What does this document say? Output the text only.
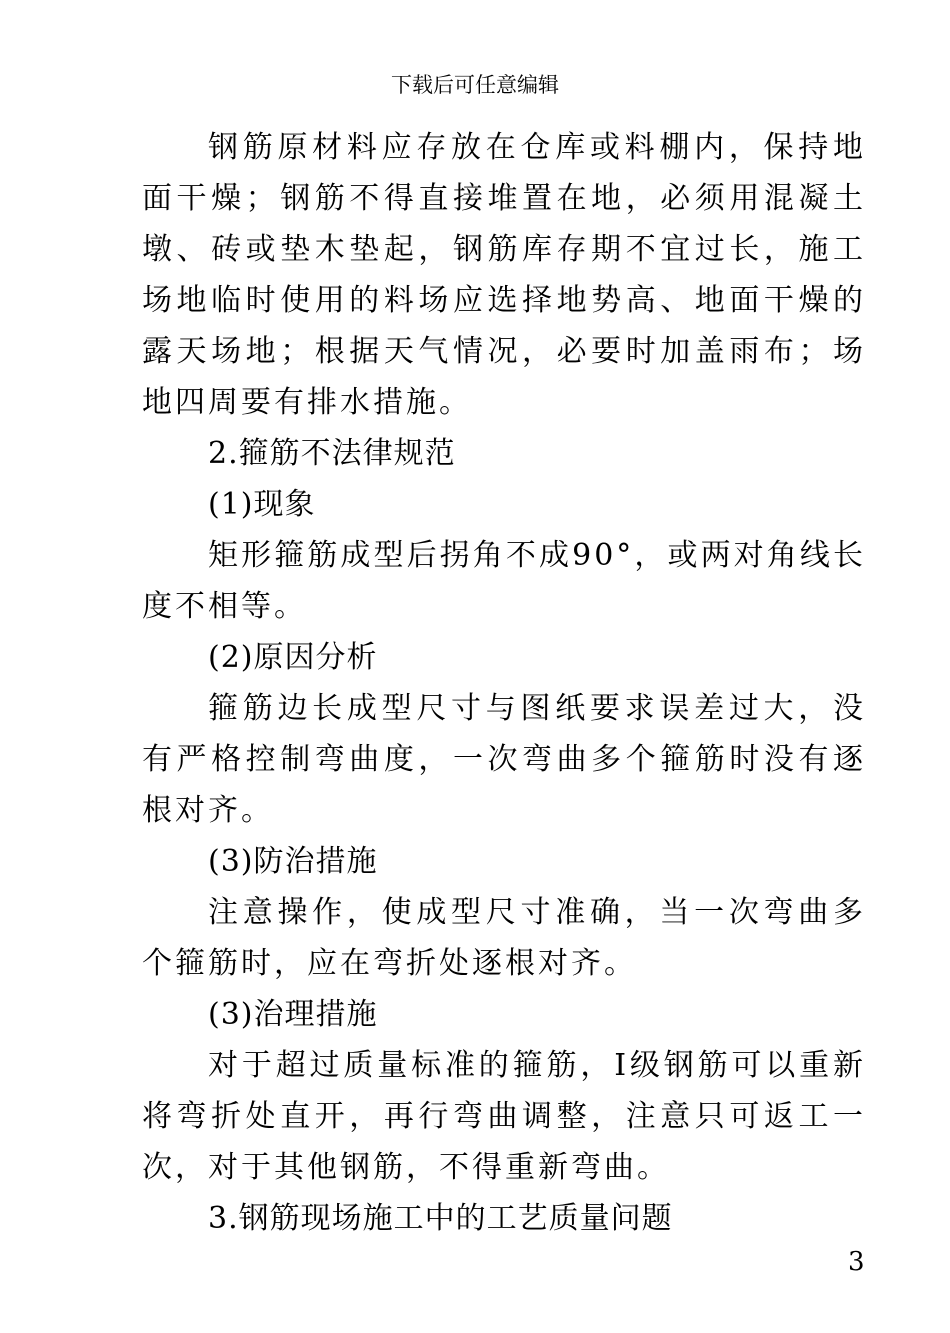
下载后可任意编辑

钢筋原材料应存放在仓库或料棚内，保持地面干燥；钢筋不得直接堆置在地，必须用混凝土墩、砖或垫木垫起，钢筋库存期不宜过长，施工场地临时使用的料场应选择地势高、地面干燥的露天场地；根据天气情况，必要时加盖雨布；场地四周要有排水措施。

2.箍筋不法律规范

(1)现象

矩形箍筋成型后拐角不成90°，或两对角线长度不相等。

(2)原因分析

箍筋边长成型尺寸与图纸要求误差过大，没有严格控制弯曲度，一次弯曲多个箍筋时没有逐根对齐。

(3)防治措施

注意操作，使成型尺寸准确，当一次弯曲多个箍筋时，应在弯折处逐根对齐。

(3)治理措施

对于超过质量标准的箍筋，I级钢筋可以重新将弯折处直开，再行弯曲调整，注意只可返工一次，对于其他钢筋，不得重新弯曲。

3.钢筋现场施工中的工艺质量问题

3
